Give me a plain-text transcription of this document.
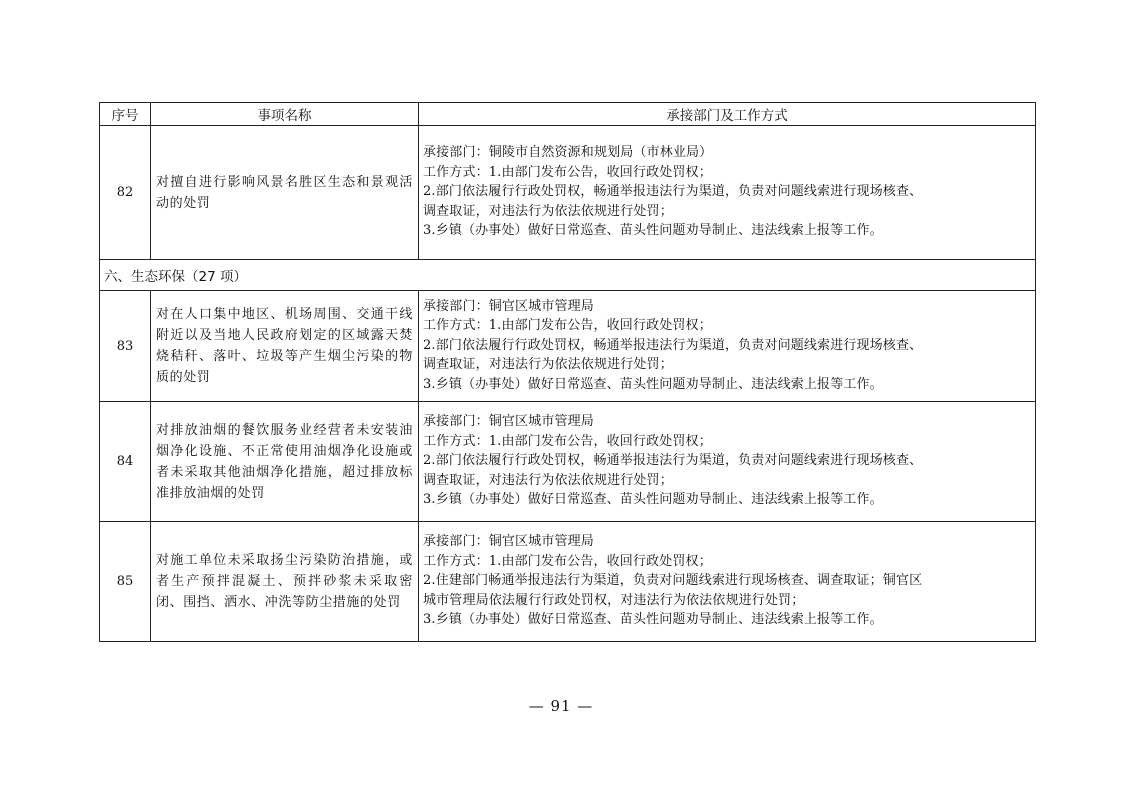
序号	事项名称	承接部门及工作方式
82	对擅自进行影响风景名胜区生态和景观活动的处罚	承接部门：铜陵市自然资源和规划局（市林业局）
工作方式：1.由部门发布公告，收回行政处罚权；
2.部门依法履行行政处罚权，畅通举报违法行为渠道，负责对问题线索进行现场核查、
调查取证，对违法行为依法依规进行处罚；
3.乡镇（办事处）做好日常巡查、苗头性问题劝导制止、违法线索上报等工作。

六、生态环保（27 项）		
83	对在人口集中地区、机场周围、交通干线附近以及当地人民政府划定的区域露天焚烧秸秆、落叶、垃圾等产生烟尘污染的物质的处罚	承接部门：铜官区城市管理局
工作方式：1.由部门发布公告，收回行政处罚权；
2.部门依法履行行政处罚权，畅通举报违法行为渠道，负责对问题线索进行现场核查、
调查取证，对违法行为依法依规进行处罚；
3.乡镇（办事处）做好日常巡查、苗头性问题劝导制止、违法线索上报等工作。

84	对排放油烟的餐饮服务业经营者未安装油烟净化设施、不正常使用油烟净化设施或者未采取其他油烟净化措施，超过排放标准排放油烟的处罚	承接部门：铜官区城市管理局
工作方式：1.由部门发布公告，收回行政处罚权；
2.部门依法履行行政处罚权，畅通举报违法行为渠道，负责对问题线索进行现场核查、
调查取证，对违法行为依法依规进行处罚；
3.乡镇（办事处）做好日常巡查、苗头性问题劝导制止、违法线索上报等工作。

85	对施工单位未采取扬尘污染防治措施，或者生产预拌混凝土、预拌砂浆未采取密闭、围挡、洒水、冲洗等防尘措施的处罚	承接部门：铜官区城市管理局
工作方式：1.由部门发布公告，收回行政处罚权；
2.住建部门畅通举报违法行为渠道，负责对问题线索进行现场核查、调查取证；铜官区
城市管理局依法履行行政处罚权，对违法行为依法依规进行处罚；
3.乡镇（办事处）做好日常巡查、苗头性问题劝导制止、违法线索上报等工作。
— 91 —
